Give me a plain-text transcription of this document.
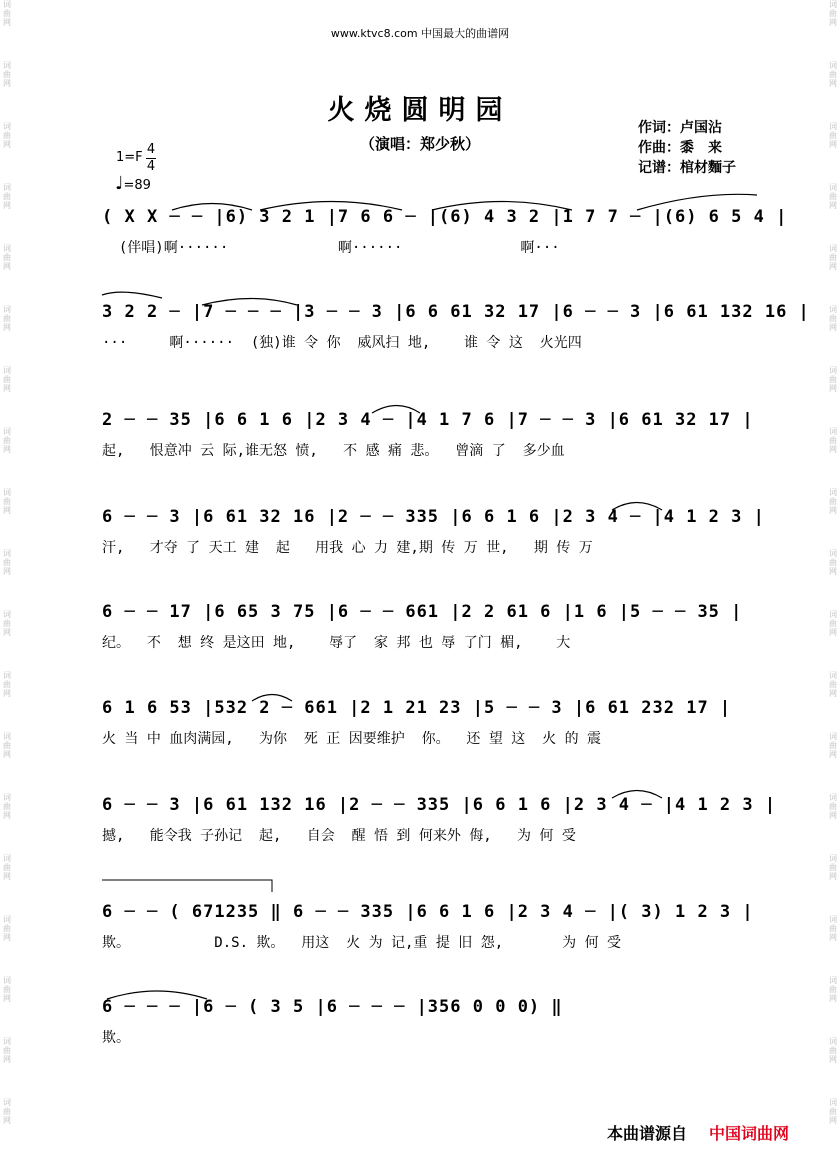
词曲网
词曲网
词曲网
词曲网
词曲网
词曲网
词曲网
词曲网
词曲网
词曲网
词曲网
词曲网
词曲网
词曲网
词曲网
词曲网
词曲网
词曲网
词曲网
词曲网
词曲网
词曲网
词曲网
词曲网
词曲网
词曲网
词曲网
词曲网
词曲网
词曲网
词曲网
词曲网
词曲网
词曲网
词曲网
词曲网
词曲网
词曲网
www.ktvc8.com 中国最大的曲谱网
火烧圆明园
（演唱：郑少秋）
作词：卢国沾
作曲：黍　来
记谱：棺材麵子
1=F
4
4
♩=89
( X X ─ ─ |6) 3 2 1 |7 6 6 ─ |(6) 4 3 2 |1 7 7 ─ |(6) 6 5 4 |
(伴唱)啊······             啊······              啊···
3 2 2 ─ |7 ─ ─ ─ |3 ─ ─ 3 |6 6 61 32 17 |6 ─ ─ 3 |6 61 132 16 |
···     啊······  (独)谁 令 你  威风扫 地,    谁 令 这  火光四
2 ─ ─ 35 |6 6 1 6 |2 3 4 ─ |4 1 7 6 |7 ─ ─ 3 |6 61 32 17 |
起,   恨意冲 云 际,谁无怒 愤,   不 感 痛 悲。  曾滴 了  多少血
6 ─ ─ 3 |6 61 32 16 |2 ─ ─ 335 |6 6 1 6 |2 3 4 ─ |4 1 2 3 |
汗,   才夺 了 天工 建  起   用我 心 力 建,期 传 万 世,   期 传 万
6 ─ ─ 17 |6 65 3 75 |6 ─ ─ 661 |2 2 61 6 |1 6 |5 ─ ─ 35 |
纪。  不  想 终 是这田 地,    辱了  家 邦 也 辱 了门 楣,    大
6 1 6 53 |532 2 ─ 661 |2 1 21 23 |5 ─ ─ 3 |6 61 232 17 |
火 当 中 血肉满园,   为你  死 正 因要维护  你。  还 望 这  火 的 震
6 ─ ─ 3 |6 61 132 16 |2 ─ ─ 335 |6 6 1 6 |2 3 4 ─ |4 1 2 3 |
撼,   能令我 子孙记  起,   自会  醒 悟 到 何来外 侮,   为 何 受
6 ─ ─ ( 671235 ‖ 6 ─ ─ 335 |6 6 1 6 |2 3 4 ─ |( 3) 1 2 3 |
欺。          D.S. 欺。  用这  火 为 记,重 提 旧 怨,       为 何 受
6 ─ ─ ─ |6 ─ ( 3 5 |6 ─ ─ ─ |356 0 0 0) ‖
欺。
本曲谱源自 中国词曲网
